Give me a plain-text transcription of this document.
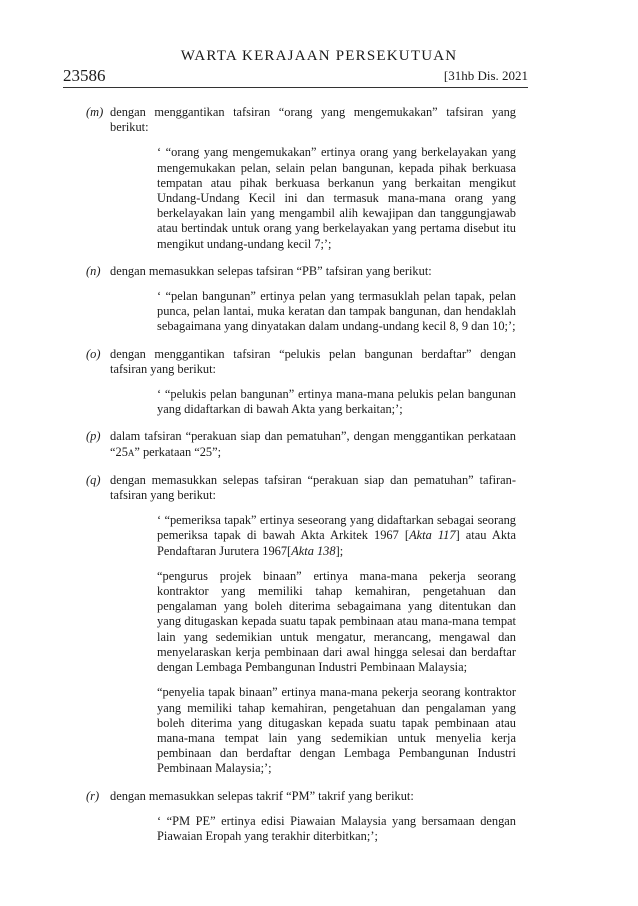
WARTA KERAJAAN PERSEKUTUAN
23586	[31hb Dis. 2021
(m) dengan menggantikan tafsiran “orang yang mengemukakan” tafsiran yang berikut:
‘ “orang yang mengemukakan” ertinya orang yang berkelayakan yang mengemukakan pelan, selain pelan bangunan, kepada pihak berkuasa tempatan atau pihak berkuasa berkanun yang berkaitan mengikut Undang-Undang Kecil ini dan termasuk mana-mana orang yang berkelayakan lain yang mengambil alih kewajipan dan tanggungjawab atau bertindak untuk orang yang berkelayakan yang pertama disebut itu mengikut undang-undang kecil 7;’;
(n) dengan memasukkan selepas tafsiran “PB” tafsiran yang berikut:
‘ “pelan bangunan” ertinya pelan yang termasuklah pelan tapak, pelan punca, pelan lantai, muka keratan dan tampak bangunan, dan hendaklah sebagaimana yang dinyatakan dalam undang-undang kecil 8, 9 dan 10;’;
(o) dengan menggantikan tafsiran “pelukis pelan bangunan berdaftar” dengan tafsiran yang berikut:
‘ “pelukis pelan bangunan” ertinya mana-mana pelukis pelan bangunan yang didaftarkan di bawah Akta yang berkaitan;’;
(p) dalam tafsiran “perakuan siap dan pematuhan”, dengan menggantikan perkataan “25A” perkataan “25”;
(q) dengan memasukkan selepas tafsiran “perakuan siap dan pematuhan” tafiran-tafsiran yang berikut:
‘ “pemeriksa tapak” ertinya seseorang yang didaftarkan sebagai seorang pemeriksa tapak di bawah Akta Arkitek 1967 [Akta 117] atau Akta Pendaftaran Jurutera 1967[Akta 138];
“pengurus projek binaan” ertinya mana-mana pekerja seorang kontraktor yang memiliki tahap kemahiran, pengetahuan dan pengalaman yang boleh diterima sebagaimana yang ditentukan dan yang ditugaskan kepada suatu tapak pembinaan atau mana-mana tempat lain yang sedemikian untuk mengatur, merancang, mengawal dan menyelaraskan kerja pembinaan dari awal hingga selesai dan berdaftar dengan Lembaga Pembangunan Industri Pembinaan Malaysia;
“penyelia tapak binaan” ertinya mana-mana pekerja seorang kontraktor yang memiliki tahap kemahiran, pengetahuan dan pengalaman yang boleh diterima yang ditugaskan kepada suatu tapak pembinaan atau mana-mana tempat lain yang sedemikian untuk menyelia kerja pembinaan dan berdaftar dengan Lembaga Pembangunan Industri Pembinaan Malaysia;’;
(r) dengan memasukkan selepas takrif “PM” takrif yang berikut:
‘ “PM PE” ertinya edisi Piawaian Malaysia yang bersamaan dengan Piawaian Eropah yang terakhir diterbitkan;’;
